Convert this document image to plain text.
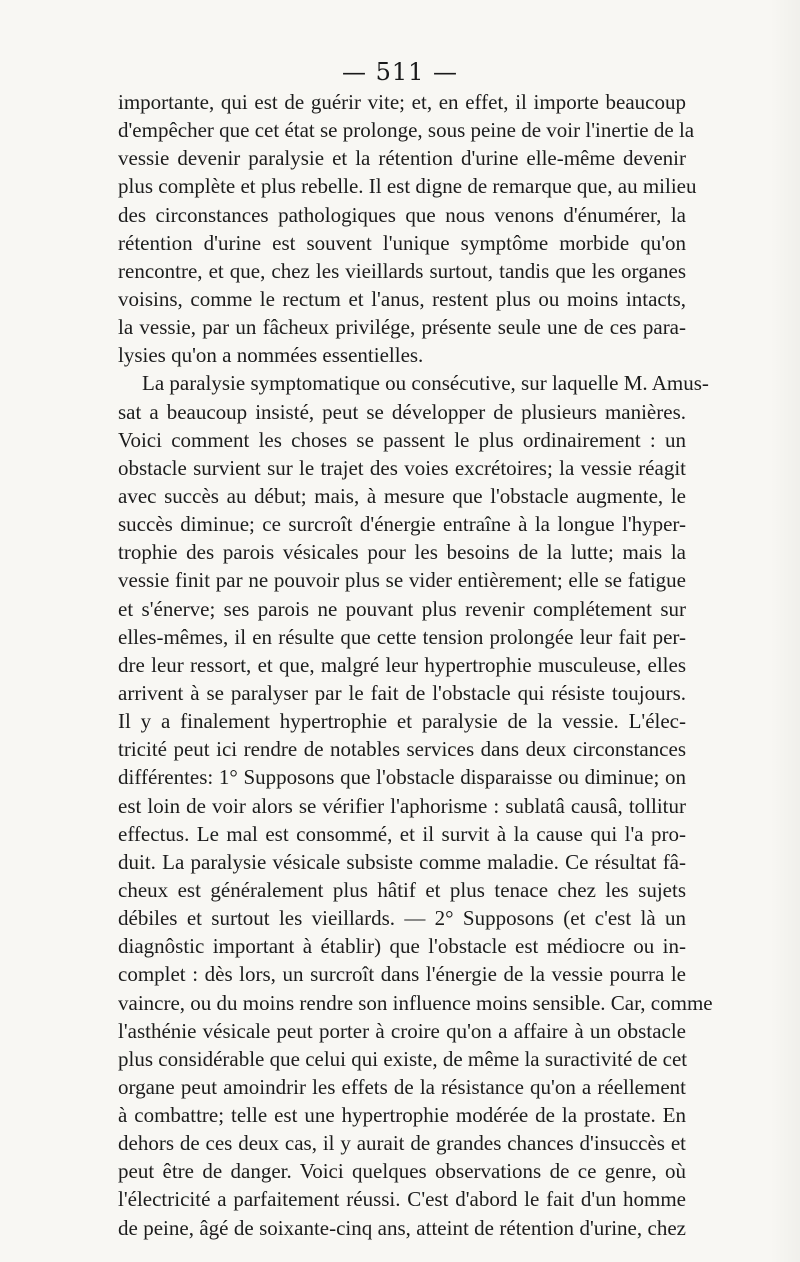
— 511 —
importante, qui est de guérir vite; et, en effet, il importe beaucoup
d'empêcher que cet état se prolonge, sous peine de voir l'inertie de la
vessie devenir paralysie et la rétention d'urine elle-même devenir
plus complète et plus rebelle. Il est digne de remarque que, au milieu
des circonstances pathologiques que nous venons d'énumérer, la
rétention d'urine est souvent l'unique symptôme morbide qu'on
rencontre, et que, chez les vieillards surtout, tandis que les organes
voisins, comme le rectum et l'anus, restent plus ou moins intacts,
la vessie, par un fâcheux privilége, présente seule une de ces para-
lysies qu'on a nommées essentielles.
La paralysie symptomatique ou consécutive, sur laquelle M. Amus-
sat a beaucoup insisté, peut se développer de plusieurs manières.
Voici comment les choses se passent le plus ordinairement : un
obstacle survient sur le trajet des voies excrétoires; la vessie réagit
avec succès au début; mais, à mesure que l'obstacle augmente, le
succès diminue; ce surcroît d'énergie entraîne à la longue l'hyper-
trophie des parois vésicales pour les besoins de la lutte; mais la
vessie finit par ne pouvoir plus se vider entièrement; elle se fatigue
et s'énerve; ses parois ne pouvant plus revenir complétement sur
elles-mêmes, il en résulte que cette tension prolongée leur fait per-
dre leur ressort, et que, malgré leur hypertrophie musculeuse, elles
arrivent à se paralyser par le fait de l'obstacle qui résiste toujours.
Il y a finalement hypertrophie et paralysie de la vessie. L'élec-
tricité peut ici rendre de notables services dans deux circonstances
différentes: 1° Supposons que l'obstacle disparaisse ou diminue; on
est loin de voir alors se vérifier l'aphorisme : sublatâ causâ, tollitur
effectus. Le mal est consommé, et il survit à la cause qui l'a pro-
duit. La paralysie vésicale subsiste comme maladie. Ce résultat fâ-
cheux est généralement plus hâtif et plus tenace chez les sujets
débiles et surtout les vieillards. — 2° Supposons (et c'est là un
diagnôstic important à établir) que l'obstacle est médiocre ou in-
complet : dès lors, un surcroît dans l'énergie de la vessie pourra le
vaincre, ou du moins rendre son influence moins sensible. Car, comme
l'asthénie vésicale peut porter à croire qu'on a affaire à un obstacle
plus considérable que celui qui existe, de même la suractivité de cet
organe peut amoindrir les effets de la résistance qu'on a réellement
à combattre; telle est une hypertrophie modérée de la prostate. En
dehors de ces deux cas, il y aurait de grandes chances d'insuccès et
peut être de danger. Voici quelques observations de ce genre, où
l'électricité a parfaitement réussi. C'est d'abord le fait d'un homme
de peine, âgé de soixante-cinq ans, atteint de rétention d'urine, chez
